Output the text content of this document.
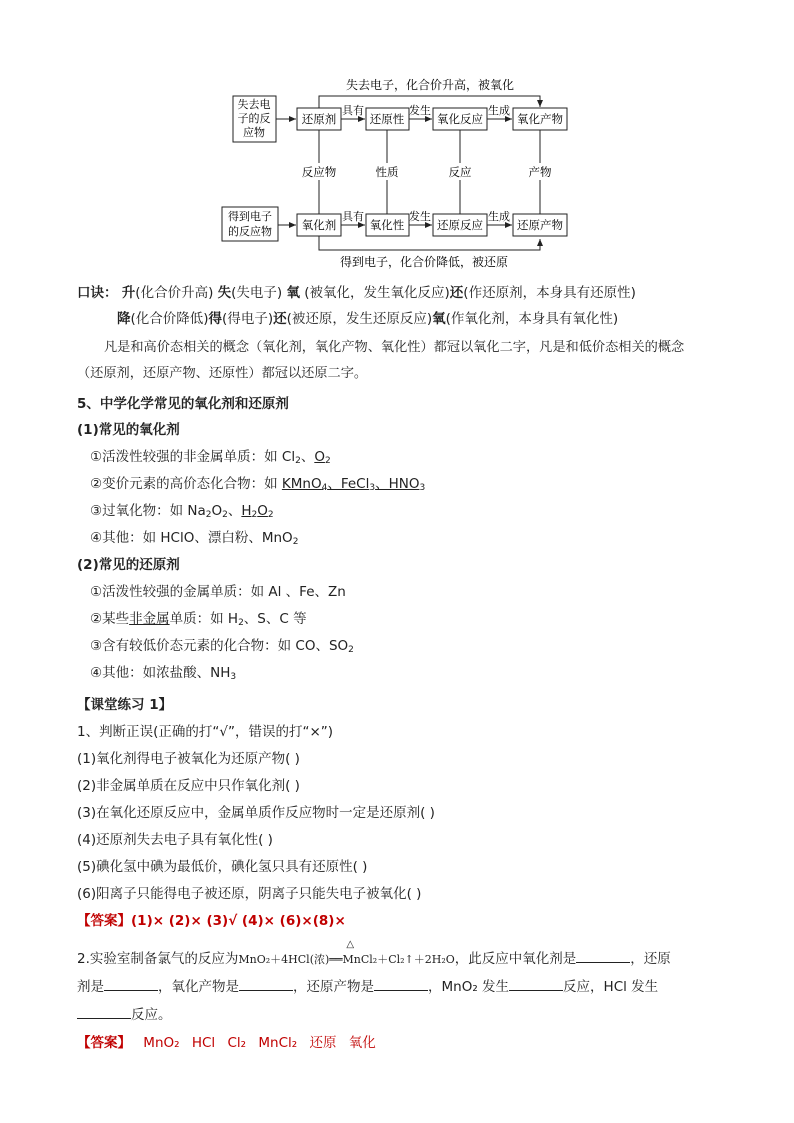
失去电子，化合价升高，被氧化
失去电
子的反
应物
还原剂
具有
还原性
发生
氧化反应
生成
氧化产物
反应物	性质	反应	产物
得到电子
的反应物	氧化剂
具有
氧化性
发生
还原反应
生成
还原产物
得到电子，化合价降低，被还原
口诀： 升(化合价升高) 失(失电子) 氧 (被氧化，发生氧化反应)还(作还原剂，本身具有还原性)
降(化合价降低)得(得电子)还(被还原，发生还原反应)氧(作氧化剂，本身具有氧化性)
凡是和高价态相关的概念（氧化剂，氧化产物、氧化性）都冠以氧化二字，凡是和低价态相关的概念
（还原剂，还原产物、还原性）都冠以还原二字。
5、中学化学常见的氧化剂和还原剂
(1)常见的氧化剂
①活泼性较强的非金属单质：如 $Cl_2$、$O_2$
②变价元素的高价态化合物：如 KMnO$_4$、FeCl$_3$、$HNO_3$
③过氧化物：如 $Na_2O_2$、$H_2O_2$
④其他：如 HClO、漂白粉、MnO$_2$
(2)常见的还原剂
①活泼性较强的金属单质：如 Al 、Fe、Zn
②某些非金属单质：如 $H_2$、S、C 等
③含有较低价态元素的化合物：如 CO、$SO_2$
④其他：如浓盐酸、$NH_3$
【课堂练习 1】
1、判断正误(正确的打“√”，错误的打“×”)
(1)氧化剂得电子被氧化为还原产物( )
(2)非金属单质在反应中只作氧化剂( )
(3)在氧化还原反应中，金属单质作反应物时一定是还原剂( )
(4)还原剂失去电子具有氧化性( )
(5)碘化氢中碘为最低价，碘化氢只具有还原性( )
(6)阳离子只能得电子被还原，阴离子只能失电子被氧化( )
【答案】(1)× (2)× (3)√ (4)× (6)×(8)×
2.实验室制备氯气的反应为
△
MnO₂＋4HCl(浓)══MnCl₂＋Cl₂↑＋2H₂O，此反应中氧化剂是	，还原
剂是	，氧化产物是	，还原产物是	，MnO₂ 发生	反应，HCl 发生
反应。
【答案】 MnO₂ HCl Cl₂ MnCl₂ 还原 氧化
